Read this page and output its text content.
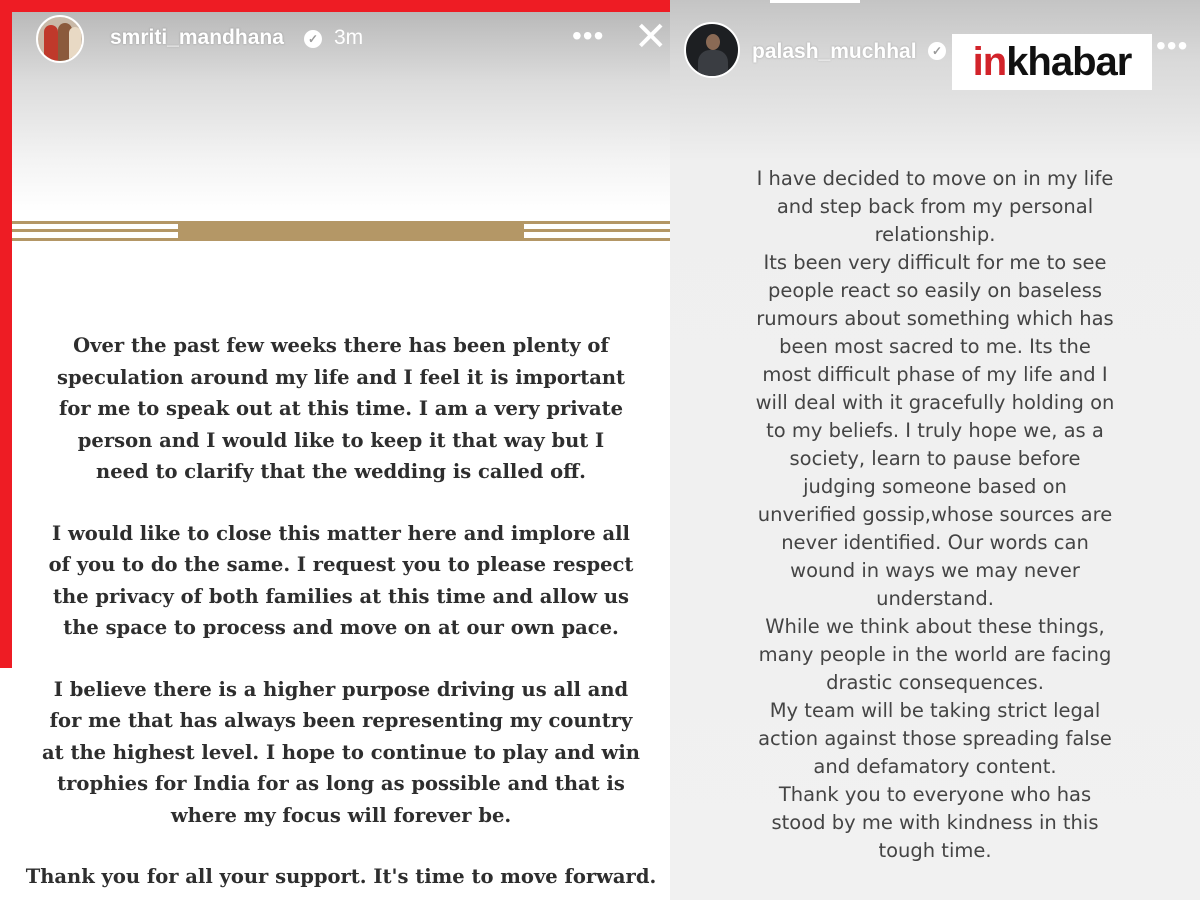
smriti_mandhana	✓ 3m	••• ✕

Over the past few weeks there has been plenty of speculation around my life and I feel it is important for me to speak out at this time. I am a very private person and I would like to keep it that way but I need to clarify that the wedding is called off.

I would like to close this matter here and implore all of you to do the same. I request you to please respect the privacy of both families at this time and allow us the space to process and move on at our own pace.

I believe there is a higher purpose driving us all and for me that has always been representing my country at the highest level. I hope to continue to play and win trophies for India for as long as possible and that is where my focus will forever be.

Thank you for all your support. It's time to move forward.

palash_muchhal	✓	•••
in khabar
I have decided to move on in my life
and step back from my personal
relationship.
Its been very difficult for me to see
people react so easily on baseless
rumours about something which has
been most sacred to me. Its the
most difficult phase of my life and I
will deal with it gracefully holding on
to my beliefs. I truly hope we, as a
society, learn to pause before
judging someone based on
unverified gossip,whose sources are
never identified. Our words can
wound in ways we may never
understand.
While we think about these things,
many people in the world are facing
drastic consequences.
My team will be taking strict legal
action against those spreading false
and defamatory content.
Thank you to everyone who has
stood by me with kindness in this
tough time.
